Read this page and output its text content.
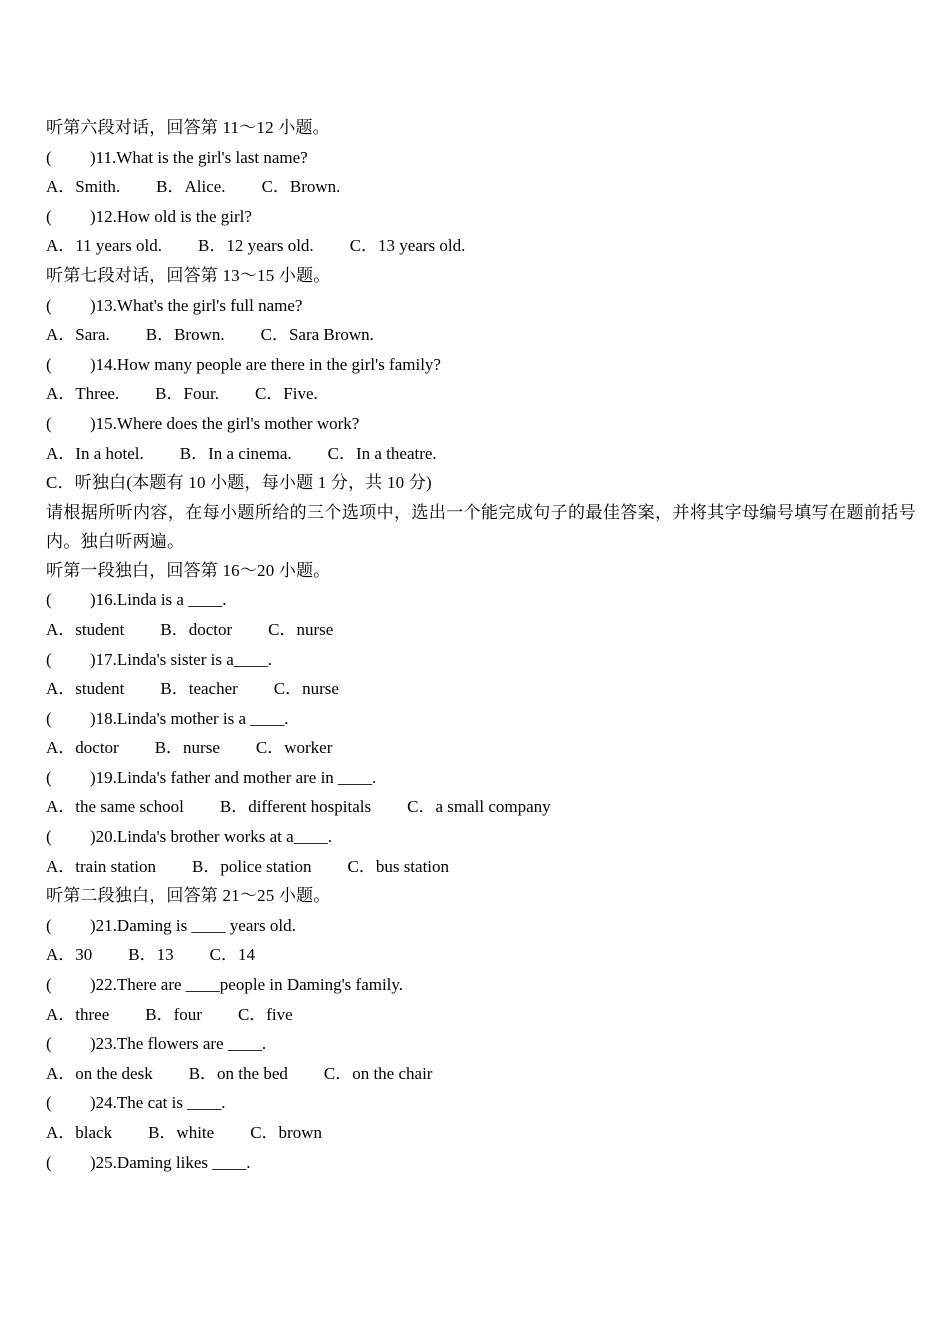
听第六段对话，回答第 11～12 小题。
( )11.What is the girl's last name?
A．Smith. B．Alice. C．Brown.
( )12.How old is the girl?
A．11 years old. B．12 years old. C．13 years old.
听第七段对话，回答第 13～15 小题。
( )13.What's the girl's full name?
A．Sara. B．Brown. C．Sara Brown.
( )14.How many people are there in the girl's family?
A．Three. B．Four. C．Five.
( )15.Where does the girl's mother work?
A．In a hotel. B．In a cinema. C．In a theatre.
C．听独白(本题有 10 小题，每小题 1 分，共 10 分)
请根据所听内容，在每小题所给的三个选项中，选出一个能完成句子的最佳答案，并将其字母编号填写在题前括号内。独白听两遍。
听第一段独白，回答第 16～20 小题。
( )16.Linda is a ____.
A．student B．doctor C．nurse
( )17.Linda's sister is a____.
A．student B．teacher C．nurse
( )18.Linda's mother is a ____.
A．doctor B．nurse C．worker
( )19.Linda's father and mother are in ____.
A．the same school B．different hospitals C．a small company
( )20.Linda's brother works at a____.
A．train station B．police station C．bus station
听第二段独白，回答第 21～25 小题。
( )21.Daming is ____ years old.
A．30 B．13 C．14
( )22.There are ____people in Daming's family.
A．three B．four C．five
( )23.The flowers are ____.
A．on the desk B．on the bed C．on the chair
( )24.The cat is ____.
A．black B．white C．brown
( )25.Daming likes ____.
